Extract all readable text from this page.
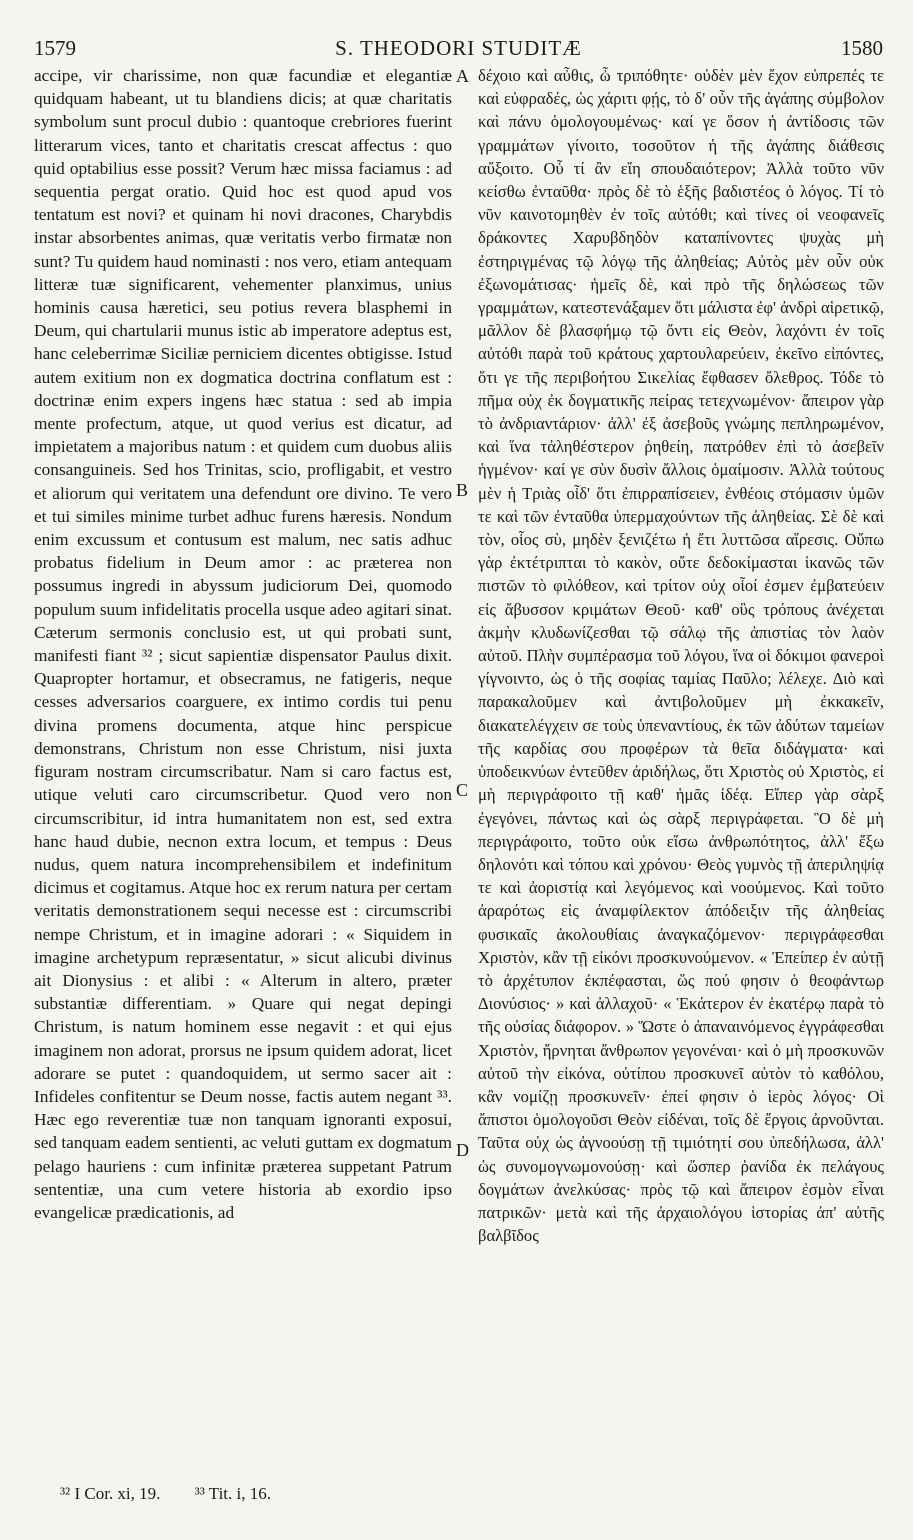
1579	S. THEODORI STUDITÆ	1580

accipe, vir charissime, non quæ facundiæ et elegantiæ quidquam habeant, ut tu blandiens dicis; at quæ charitatis symbolum sunt procul dubio : quantoque crebriores fuerint litterarum vices, tanto et charitatis crescat affectus : quo quid optabilius esse possit? Verum hæc missa faciamus : ad sequentia pergat oratio. Quid hoc est quod apud vos tentatum est novi? et quinam hi novi dracones, Charybdis instar absorbentes animas, quæ veritatis verbo firmatæ non sunt? Tu quidem haud nominasti : nos vero, etiam antequam litteræ tuæ significarent, vehementer planximus, unius hominis causa hæretici, seu potius revera blasphemi in Deum, qui chartularii munus istic ab imperatore adeptus est, hanc celeberrimæ Siciliæ perniciem dicentes obtigisse. Istud autem exitium non ex dogmatica doctrina conflatum est : doctrinæ enim expers ingens hæc statua : sed ab impia mente profectum, atque, ut quod verius est dicatur, ad impietatem a majoribus natum : et quidem cum duobus aliis consanguineis. Sed hos Trinitas, scio, profligabit, et vestro et aliorum qui veritatem una defendunt ore divino. Te vero et tui similes minime turbet adhuc furens hæresis. Nondum enim excussum et contusum est malum, nec satis adhuc probatus fidelium in Deum amor : ac præterea non possumus ingredi in abyssum judiciorum Dei, quomodo populum suum infidelitatis procella usque adeo agitari sinat. Cæterum sermonis conclusio est, ut qui probati sunt, manifesti fiant ³² ; sicut sapientiæ dispensator Paulus dixit. Quapropter hortamur, et obsecramus, ne fatigeris, neque cesses adversarios coarguere, ex intimo cordis tui penu divina promens documenta, atque hinc perspicue demonstrans, Christum non esse Christum, nisi juxta figuram nostram circumscribatur. Nam si caro factus est, utique veluti caro circumscribetur. Quod vero non circumscribitur, id intra humanitatem non est, sed extra hanc haud dubie, necnon extra locum, et tempus : Deus nudus, quem natura incomprehensibilem et indefinitum dicimus et cogitamus. Atque hoc ex rerum natura per certam veritatis demonstrationem sequi necesse est : circumscribi nempe Christum, et in imagine adorari : « Siquidem in imagine archetypum repræsentatur, » sicut alicubi divinus ait Dionysius : et alibi : « Alterum in altero, præter substantiæ differentiam. » Quare qui negat depingi Christum, is natum hominem esse negavit : et qui ejus imaginem non adorat, prorsus ne ipsum quidem adorat, licet adorare se putet : quandoquidem, ut sermo sacer ait : Infideles confitentur se Deum nosse, factis autem negant ³³. Hæc ego reverentiæ tuæ non tanquam ignoranti exposui, sed tanquam eadem sentienti, ac veluti guttam ex dogmatum pelago hauriens : cum infinitæ præterea suppetant Patrum sententiæ, una cum vetere historia ab exordio ipso evangelicæ prædicationis, ad

A
B
C
D

δέχοιο καὶ αὖθις, ὦ τριπόθητε· οὐδὲν μὲν ἔχον εὐπρεπές τε καὶ εὐφραδές, ὡς χάριτι φῄς, τὸ δ' οὖν τῆς ἀγάπης σύμβολον καὶ πάνυ ὁμολογουμένως· καί γε ὅσον ἡ ἀντίδοσις τῶν γραμμάτων γίνοιτο, τοσοῦτον ἡ τῆς ἀγάπης διάθεσις αὔξοιτο. Οὗ τί ἂν εἴη σπουδαιότερον; Ἀλλὰ τοῦτο νῦν κείσθω ἐνταῦθα· πρὸς δὲ τὸ ἑξῆς βαδιστέος ὁ λόγος. Τί τὸ νῦν καινοτομηθὲν ἐν τοῖς αὐτόθι; καὶ τίνες οἱ νεοφανεῖς δράκοντες Χαρυβδηδὸν καταπίνοντες ψυχὰς μὴ ἐστηριγμένας τῷ λόγῳ τῆς ἀληθείας; Αὐτὸς μὲν οὖν οὐκ ἐξωνομάτισας· ἡμεῖς δὲ, καὶ πρὸ τῆς δηλώσεως τῶν γραμμάτων, κατεστενάξαμεν ὅτι μάλιστα ἐφ' ἀνδρὶ αἱρετικῷ, μᾶλλον δὲ βλασφήμῳ τῷ ὄντι εἰς Θεὸν, λαχόντι ἐν τοῖς αὐτόθι παρὰ τοῦ κράτους χαρτουλαρεύειν, ἐκεῖνο εἰπόντες, ὅτι γε τῆς περιβοήτου Σικελίας ἔφθασεν ὄλεθρος. Τόδε τὸ πῆμα οὐχ ἐκ δογματικῆς πείρας τετεχνωμένον· ἄπειρον γὰρ τὸ ἀνδριαντάριον· ἀλλ' ἐξ ἀσεβοῦς γνώμης πεπληρωμένον, καὶ ἵνα τἀληθέστερον ῥηθείη, πατρόθεν ἐπὶ τὸ ἀσεβεῖν ἡγμένον· καί γε σὺν δυσὶν ἄλλοις ὁμαίμοσιν. Ἀλλὰ τούτους μὲν ἡ Τριὰς οἶδ' ὅτι ἐπιρραπίσειεν, ἐνθέοις στόμασιν ὑμῶν τε καὶ τῶν ἐνταῦθα ὑπερμαχούντων τῆς ἀληθείας. Σὲ δὲ καὶ τὸν, οἷος σὺ, μηδὲν ξενιζέτω ἡ ἔτι λυττῶσα αἵρεσις. Οὔπω γὰρ ἐκτέτριπται τὸ κακὸν, οὔτε δεδοκίμασται ἱκανῶς τῶν πιστῶν τὸ φιλόθεον, καὶ τρίτον οὐχ οἷοί ἐσμεν ἐμβατεύειν εἰς ἄβυσσον κριμάτων Θεοῦ· καθ' οὓς τρόπους ἀνέχεται ἀκμὴν κλυδωνίζεσθαι τῷ σάλῳ τῆς ἀπιστίας τὸν λαὸν αὐτοῦ. Πλὴν συμπέρασμα τοῦ λόγου, ἵνα οἱ δόκιμοι φανεροὶ γίγνοιντο, ὡς ὁ τῆς σοφίας ταμίας Παῦλο; λέλεχε. Διὸ καὶ παρακαλοῦμεν καὶ ἀντιβολοῦμεν μὴ ἐκκακεῖν, διακατελέγχειν σε τοὺς ὑπεναντίους, ἐκ τῶν ἀδύτων ταμείων τῆς καρδίας σου προφέρων τὰ θεῖα διδάγματα· καὶ ὑποδεικνύων ἐντεῦθεν ἀριδήλως, ὅτι Χριστὸς οὐ Χριστὸς, εἰ μὴ περιγράφοιτο τῇ καθ' ἡμᾶς ἰδέᾳ. Εἴπερ γὰρ σὰρξ ἐγεγόνει, πάντως καὶ ὡς σὰρξ περιγράφεται. Ὃ δὲ μὴ περιγράφοιτο, τοῦτο οὐκ εἴσω ἀνθρωπότητος, ἀλλ' ἔξω δηλονότι καὶ τόπου καὶ χρόνου· Θεὸς γυμνὸς τῇ ἀπεριληψίᾳ τε καὶ ἀοριστίᾳ καὶ λεγόμενος καὶ νοούμενος. Καὶ τοῦτο ἀραρότως εἰς ἀναμφίλεκτον ἀπόδειξιν τῆς ἀληθείας φυσικαῖς ἀκολουθίαις ἀναγκαζόμενον· περιγράφεσθαι Χριστὸν, κἂν τῇ εἰκόνι προσκυνούμενον. « Ἐπείπερ ἐν αὐτῇ τὸ ἀρχέτυπον ἐκπέφασται, ὥς πού φησιν ὁ θεοφάντωρ Διονύσιος· » καὶ ἀλλαχοῦ· « Ἑκάτερον ἐν ἑκατέρῳ παρὰ τὸ τῆς οὐσίας διάφορον. » Ὥστε ὁ ἀπαναινόμενος ἐγγράφεσθαι Χριστὸν, ἤρνηται ἄνθρωπον γεγονέναι· καὶ ὁ μὴ προσκυνῶν αὐτοῦ τὴν εἰκόνα, οὐτίπου προσκυνεῖ αὐτὸν τὸ καθόλου, κἂν νομίζῃ προσκυνεῖν· ἐπεί φησιν ὁ ἱερὸς λόγος· Οἱ ἄπιστοι ὁμολογοῦσι Θεὸν εἰδέναι, τοῖς δὲ ἔργοις ἀρνοῦνται. Ταῦτα οὐχ ὡς ἀγνοούσῃ τῇ τιμιότητί σου ὑπεδήλωσα, ἀλλ' ὡς συνομογνωμονούσῃ· καὶ ὥσπερ ῥανίδα ἐκ πελάγους δογμάτων ἀνελκύσας· πρὸς τῷ καὶ ἄπειρον ἐσμὸν εἶναι πατρικῶν· μετὰ καὶ τῆς ἀρχαιολόγου ἱστορίας ἀπ' αὐτῆς βαλβῖδος

³² I Cor. xi, 19. ³³ Tit. i, 16.
